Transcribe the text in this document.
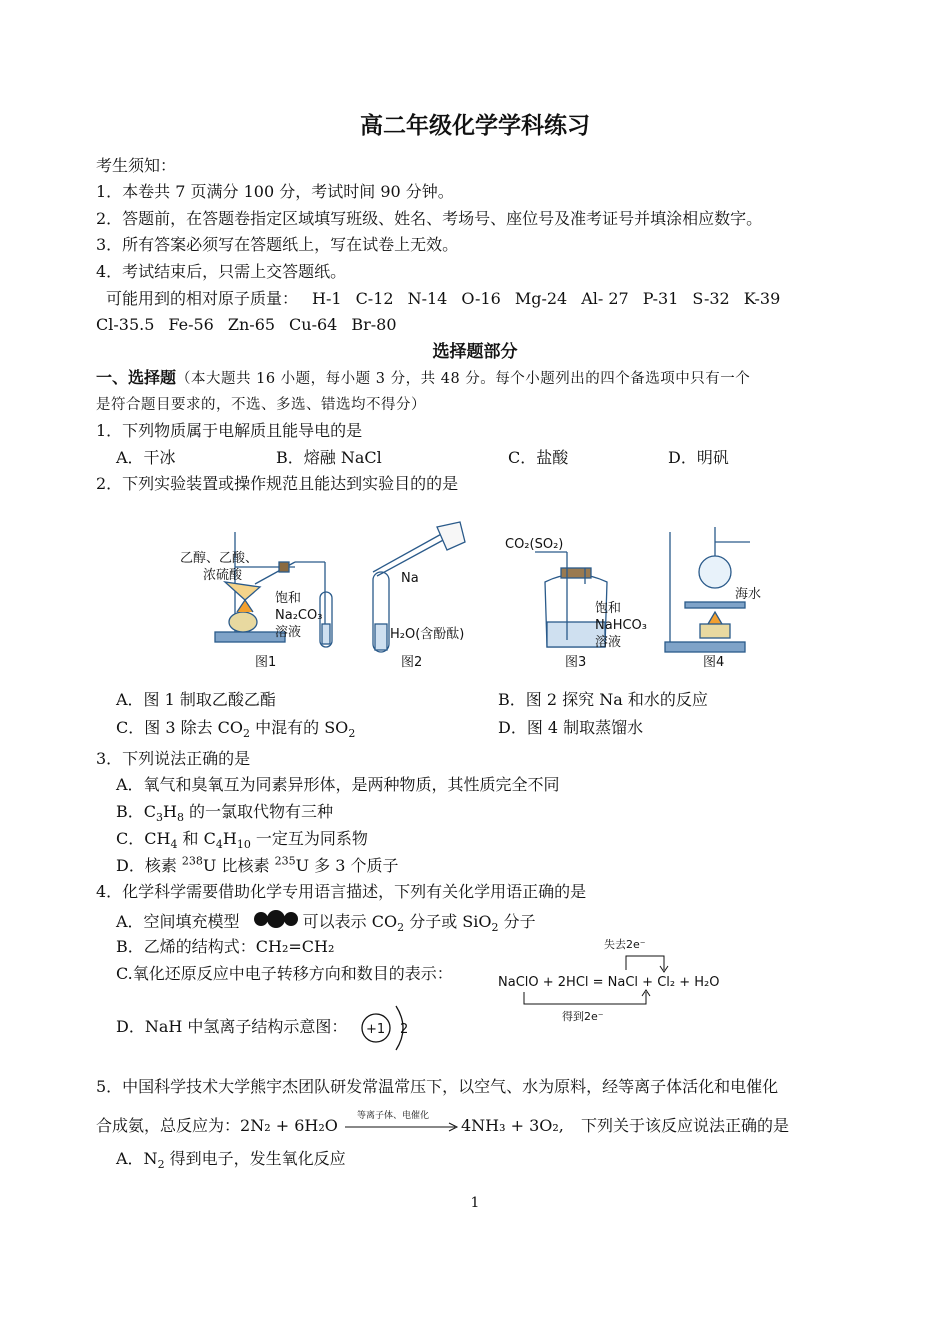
高二年级化学学科练习
考生须知：
1．本卷共 7 页满分 100 分，考试时间 90 分钟。
2．答题前，在答题卷指定区域填写班级、姓名、考场号、座位号及准考证号并填涂相应数字。
3．所有答案必须写在答题纸上，写在试卷上无效。
4．考试结束后，只需上交答题纸。
可能用到的相对原子质量： H-1 C-12 N-14 O-16 Mg-24 Al- 27 P-31 S-32 K-39
Cl-35.5 Fe-56 Zn-65 Cu-64 Br-80
选择题部分
一、选择题（本大题共 16 小题，每小题 3 分，共 48 分。每个小题列出的四个备选项中只有一个
是符合题目要求的，不选、多选、错选均不得分）
1．下列物质属于电解质且能导电的是
A．干冰	B．熔融 NaCl	C．盐酸	D．明矾
2．下列实验装置或操作规范且能达到实验目的的是
乙醇、乙酸、
浓硫酸
饱和
Na₂CO₃
溶液
图1
Na
H₂O(含酚酞)
图2
CO₂(SO₂)
饱和
NaHCO₃
溶液
图3
海水
图4
A．图 1 制取乙酸乙酯	B．图 2 探究 Na 和水的反应
C．图 3 除去 $CO_2$ 中混有的 $SO_2$	D．图 4 制取蒸馏水
3．下列说法正确的是
A．氧气和臭氧互为同素异形体，是两种物质，其性质完全不同
B．$C_3H_8$ 的一氯取代物有三种
C．$CH_4$ 和 $C_4H_{10}$ 一定互为同系物
D．核素 $^{238}$U 比核素 $^{235}$U 多 3 个质子
4．化学科学需要借助化学专用语言描述，下列有关化学用语正确的是
A．空间填充模型	可以表示 $CO_2$ 分子或 SiO$_2$ 分子
B．乙烯的结构式：CH₂=CH₂
C.氧化还原反应中电子转移方向和数目的表示：
失去2e⁻
NaClO + 2HCl = NaCl + Cl₂ + H₂O
得到2e⁻
D．NaH 中氢离子结构示意图： +1 2
5．中国科学技术大学熊宇杰团队研发常温常压下，以空气、水为原料，经等离子体活化和电催化
合成氨，总反应为：2N₂ + 6H₂O 等离子体、电催化 4NH₃ + 3O₂, 下列关于该反应说法正确的是
A．$N_2$ 得到电子，发生氧化反应
1
